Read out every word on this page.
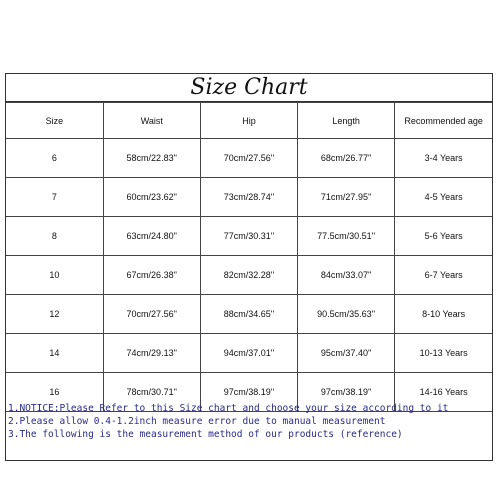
Size Chart
Size	Waist	Hip	Length	Recommended age
6	58cm/22.83''	70cm/27.56''	68cm/26.77''	3-4 Years
7	60cm/23.62''	73cm/28.74''	71cm/27.95''	4-5 Years
8	63cm/24.80''	77cm/30.31''	77.5cm/30.51''	5-6 Years
10	67cm/26.38''	82cm/32.28''	84cm/33.07''	6-7 Years
12	70cm/27.56''	88cm/34.65''	90.5cm/35.63''	8-10 Years
14	74cm/29.13''	94cm/37.01''	95cm/37.40''	10-13 Years
16	78cm/30.71''	97cm/38.19''	97cm/38.19''	14-16 Years
1.NOTICE:Please Refer to this Size chart and choose your size according to it
2.Please allow 0.4-1.2inch measure error due to manual measurement
3.The following is the measurement method of our products (reference)
